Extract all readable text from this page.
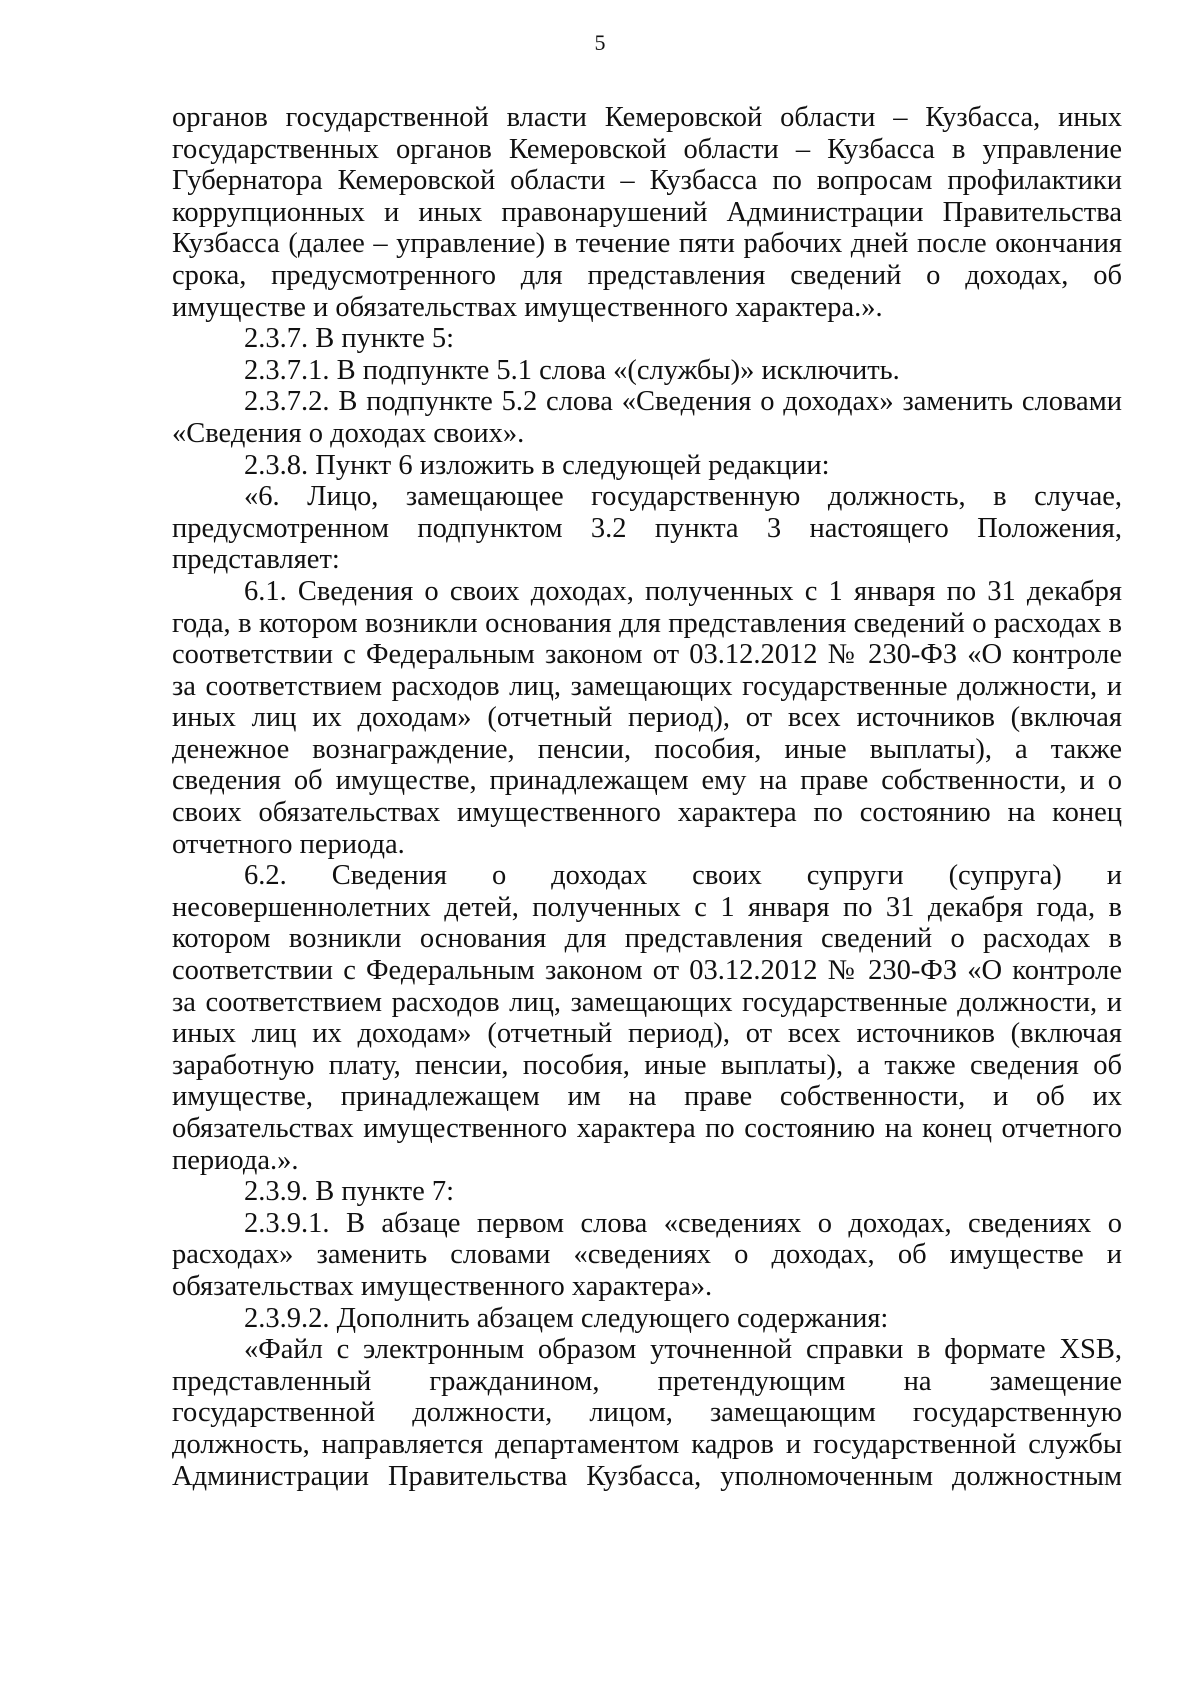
5

органов государственной власти Кемеровской области – Кузбасса, иных государственных органов Кемеровской области – Кузбасса в управление Губернатора Кемеровской области – Кузбасса по вопросам профилактики коррупционных и иных правонарушений Администрации Правительства Кузбасса (далее – управление) в течение пяти рабочих дней после окончания срока, предусмотренного для представления сведений о доходах, об имуществе и обязательствах имущественного характера.».

2.3.7. В пункте 5:

2.3.7.1. В подпункте 5.1 слова «(службы)» исключить.

2.3.7.2. В подпункте 5.2 слова «Сведения о доходах» заменить словами «Сведения о доходах своих».

2.3.8. Пункт 6 изложить в следующей редакции:

«6. Лицо, замещающее государственную должность, в случае, предусмотренном подпунктом 3.2 пункта 3 настоящего Положения, представляет:

6.1. Сведения о своих доходах, полученных с 1 января по 31 декабря года, в котором возникли основания для представления сведений о расходах в соответствии с Федеральным законом от 03.12.2012 № 230-ФЗ «О контроле за соответствием расходов лиц, замещающих государственные должности, и иных лиц их доходам» (отчетный период), от всех источников (включая денежное вознаграждение, пенсии, пособия, иные выплаты), а также сведения об имуществе, принадлежащем ему на праве собственности, и о своих обязательствах имущественного характера по состоянию на конец отчетного периода.

6.2. Сведения о доходах своих супруги (супруга) и несовершеннолетних детей, полученных с 1 января по 31 декабря года, в котором возникли основания для представления сведений о расходах в соответствии с Федеральным законом от 03.12.2012 № 230-ФЗ «О контроле за соответствием расходов лиц, замещающих государственные должности, и иных лиц их доходам» (отчетный период), от всех источников (включая заработную плату, пенсии, пособия, иные выплаты), а также сведения об имуществе, принадлежащем им на праве собственности, и об их обязательствах имущественного характера по состоянию на конец отчетного периода.».

2.3.9. В пункте 7:

2.3.9.1. В абзаце первом слова «сведениях о доходах, сведениях о расходах» заменить словами «сведениях о доходах, об имуществе и обязательствах имущественного характера».

2.3.9.2. Дополнить абзацем следующего содержания:

«Файл с электронным образом уточненной справки в формате XSB, представленный гражданином, претендующим на замещение государственной должности, лицом, замещающим государственную должность, направляется департаментом кадров и государственной службы Администрации Правительства Кузбасса, уполномоченным должностным
